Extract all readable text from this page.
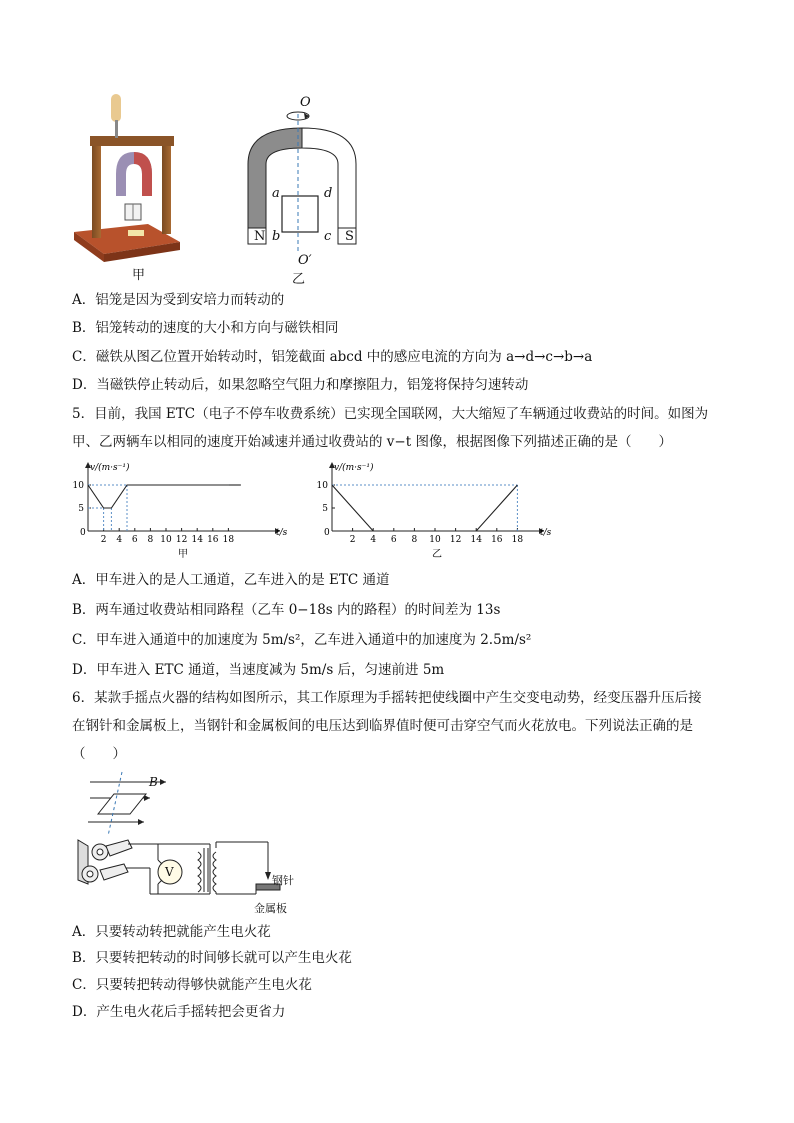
甲
O
O′
N	S
a
b	c
d
乙
A．铝笼是因为受到安培力而转动的
B．铝笼转动的速度的大小和方向与磁铁相同
C．磁铁从图乙位置开始转动时，铝笼截面 abcd 中的感应电流的方向为 a→d→c→b→a
D．当磁铁停止转动后，如果忽略空气阻力和摩擦阻力，铝笼将保持匀速转动
5．目前，我国 ETC（电子不停车收费系统）已实现全国联网，大大缩短了车辆通过收费站的时间。如图为
甲、乙两辆车以相同的速度开始减速并通过收费站的 v−t 图像，根据图像下列描述正确的是（　　）
v/(m·s⁻¹)
t/s
0
2 4 6 8 10 12 14 16 18
5
10
甲
v/(m·s⁻¹)
t/s
0
2 4 6 8 10 12 14 16 18
5
10
乙
A．甲车进入的是人工通道，乙车进入的是 ETC 通道
B．两车通过收费站相同路程（乙车 0−18s 内的路程）的时间差为 13s
C．甲车进入通道中的加速度为 5m/s²，乙车进入通道中的加速度为 2.5m/s²
D．甲车进入 ETC 通道，当速度减为 5m/s 后，匀速前进 5m
6．某款手摇点火器的结构如图所示，其工作原理为手摇转把使线圈中产生交变电动势，经变压器升压后接
在钢针和金属板上，当钢针和金属板间的电压达到临界值时便可击穿空气而火花放电。下列说法正确的是
（　　）
B
V
钢针
金属板
A．只要转动转把就能产生电火花
B．只要转把转动的时间够长就可以产生电火花
C．只要转把转动得够快就能产生电火花
D．产生电火花后手摇转把会更省力
